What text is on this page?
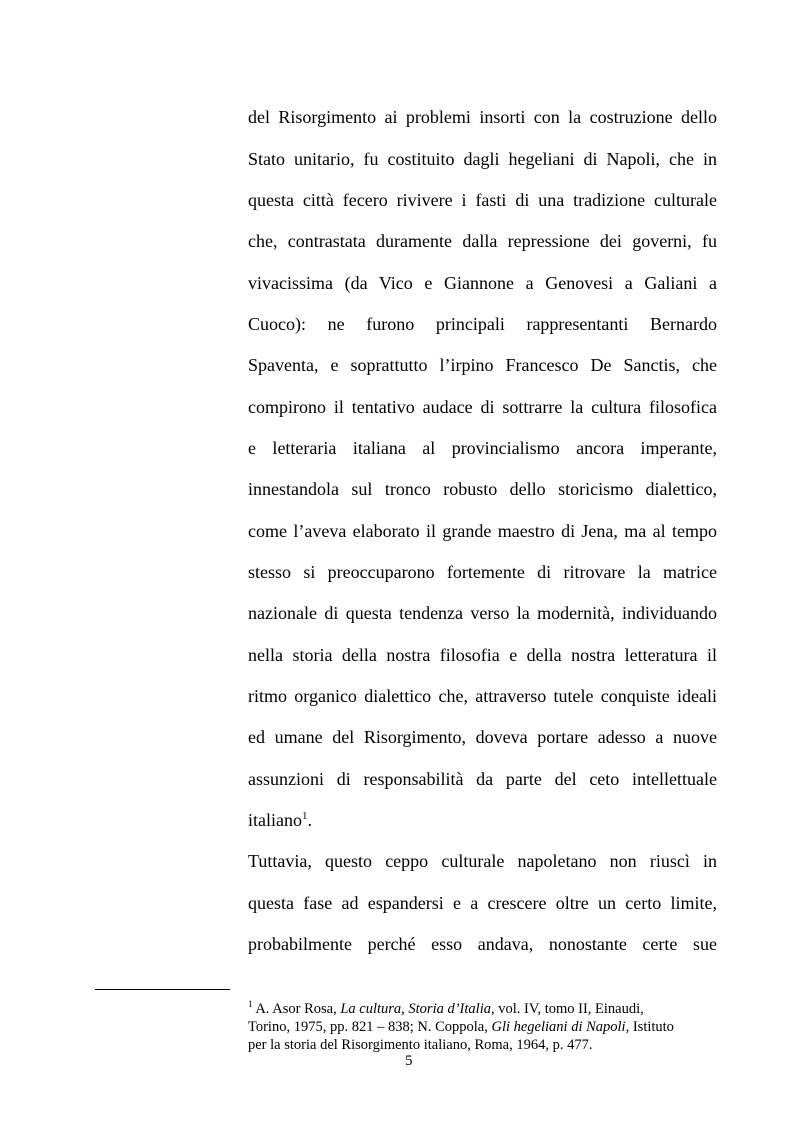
del Risorgimento ai problemi insorti con la costruzione dello
Stato unitario, fu costituito dagli hegeliani di Napoli, che in
questa città fecero rivivere i fasti di una tradizione culturale
che, contrastata duramente dalla repressione dei governi, fu
vivacissima (da Vico e Giannone a Genovesi a Galiani a
Cuoco): ne furono principali rappresentanti Bernardo
Spaventa, e soprattutto l’irpino Francesco De Sanctis, che
compirono il tentativo audace di sottrarre la cultura filosofica
e letteraria italiana al provincialismo ancora imperante,
innestandola sul tronco robusto dello storicismo dialettico,
come l’aveva elaborato il grande maestro di Jena, ma al tempo
stesso si preoccuparono fortemente di ritrovare la matrice
nazionale di questa tendenza verso la modernità, individuando
nella storia della nostra filosofia e della nostra letteratura il
ritmo organico dialettico che, attraverso tutele conquiste ideali
ed umane del Risorgimento, doveva portare adesso a nuove
assunzioni di responsabilità da parte del ceto intellettuale
italiano$^1$.
Tuttavia, questo ceppo culturale napoletano non riuscì in
questa fase ad espandersi e a crescere oltre un certo limite,
probabilmente perché esso andava, nonostante certe sue
$^1$ A. Asor Rosa, La cultura, Storia d’Italia, vol. IV, tomo II, Einaudi,
Torino, 1975, pp. 821 – 838; N. Coppola, Gli hegeliani di Napoli, Istituto
per la storia del Risorgimento italiano, Roma, 1964, p. 477.
5
